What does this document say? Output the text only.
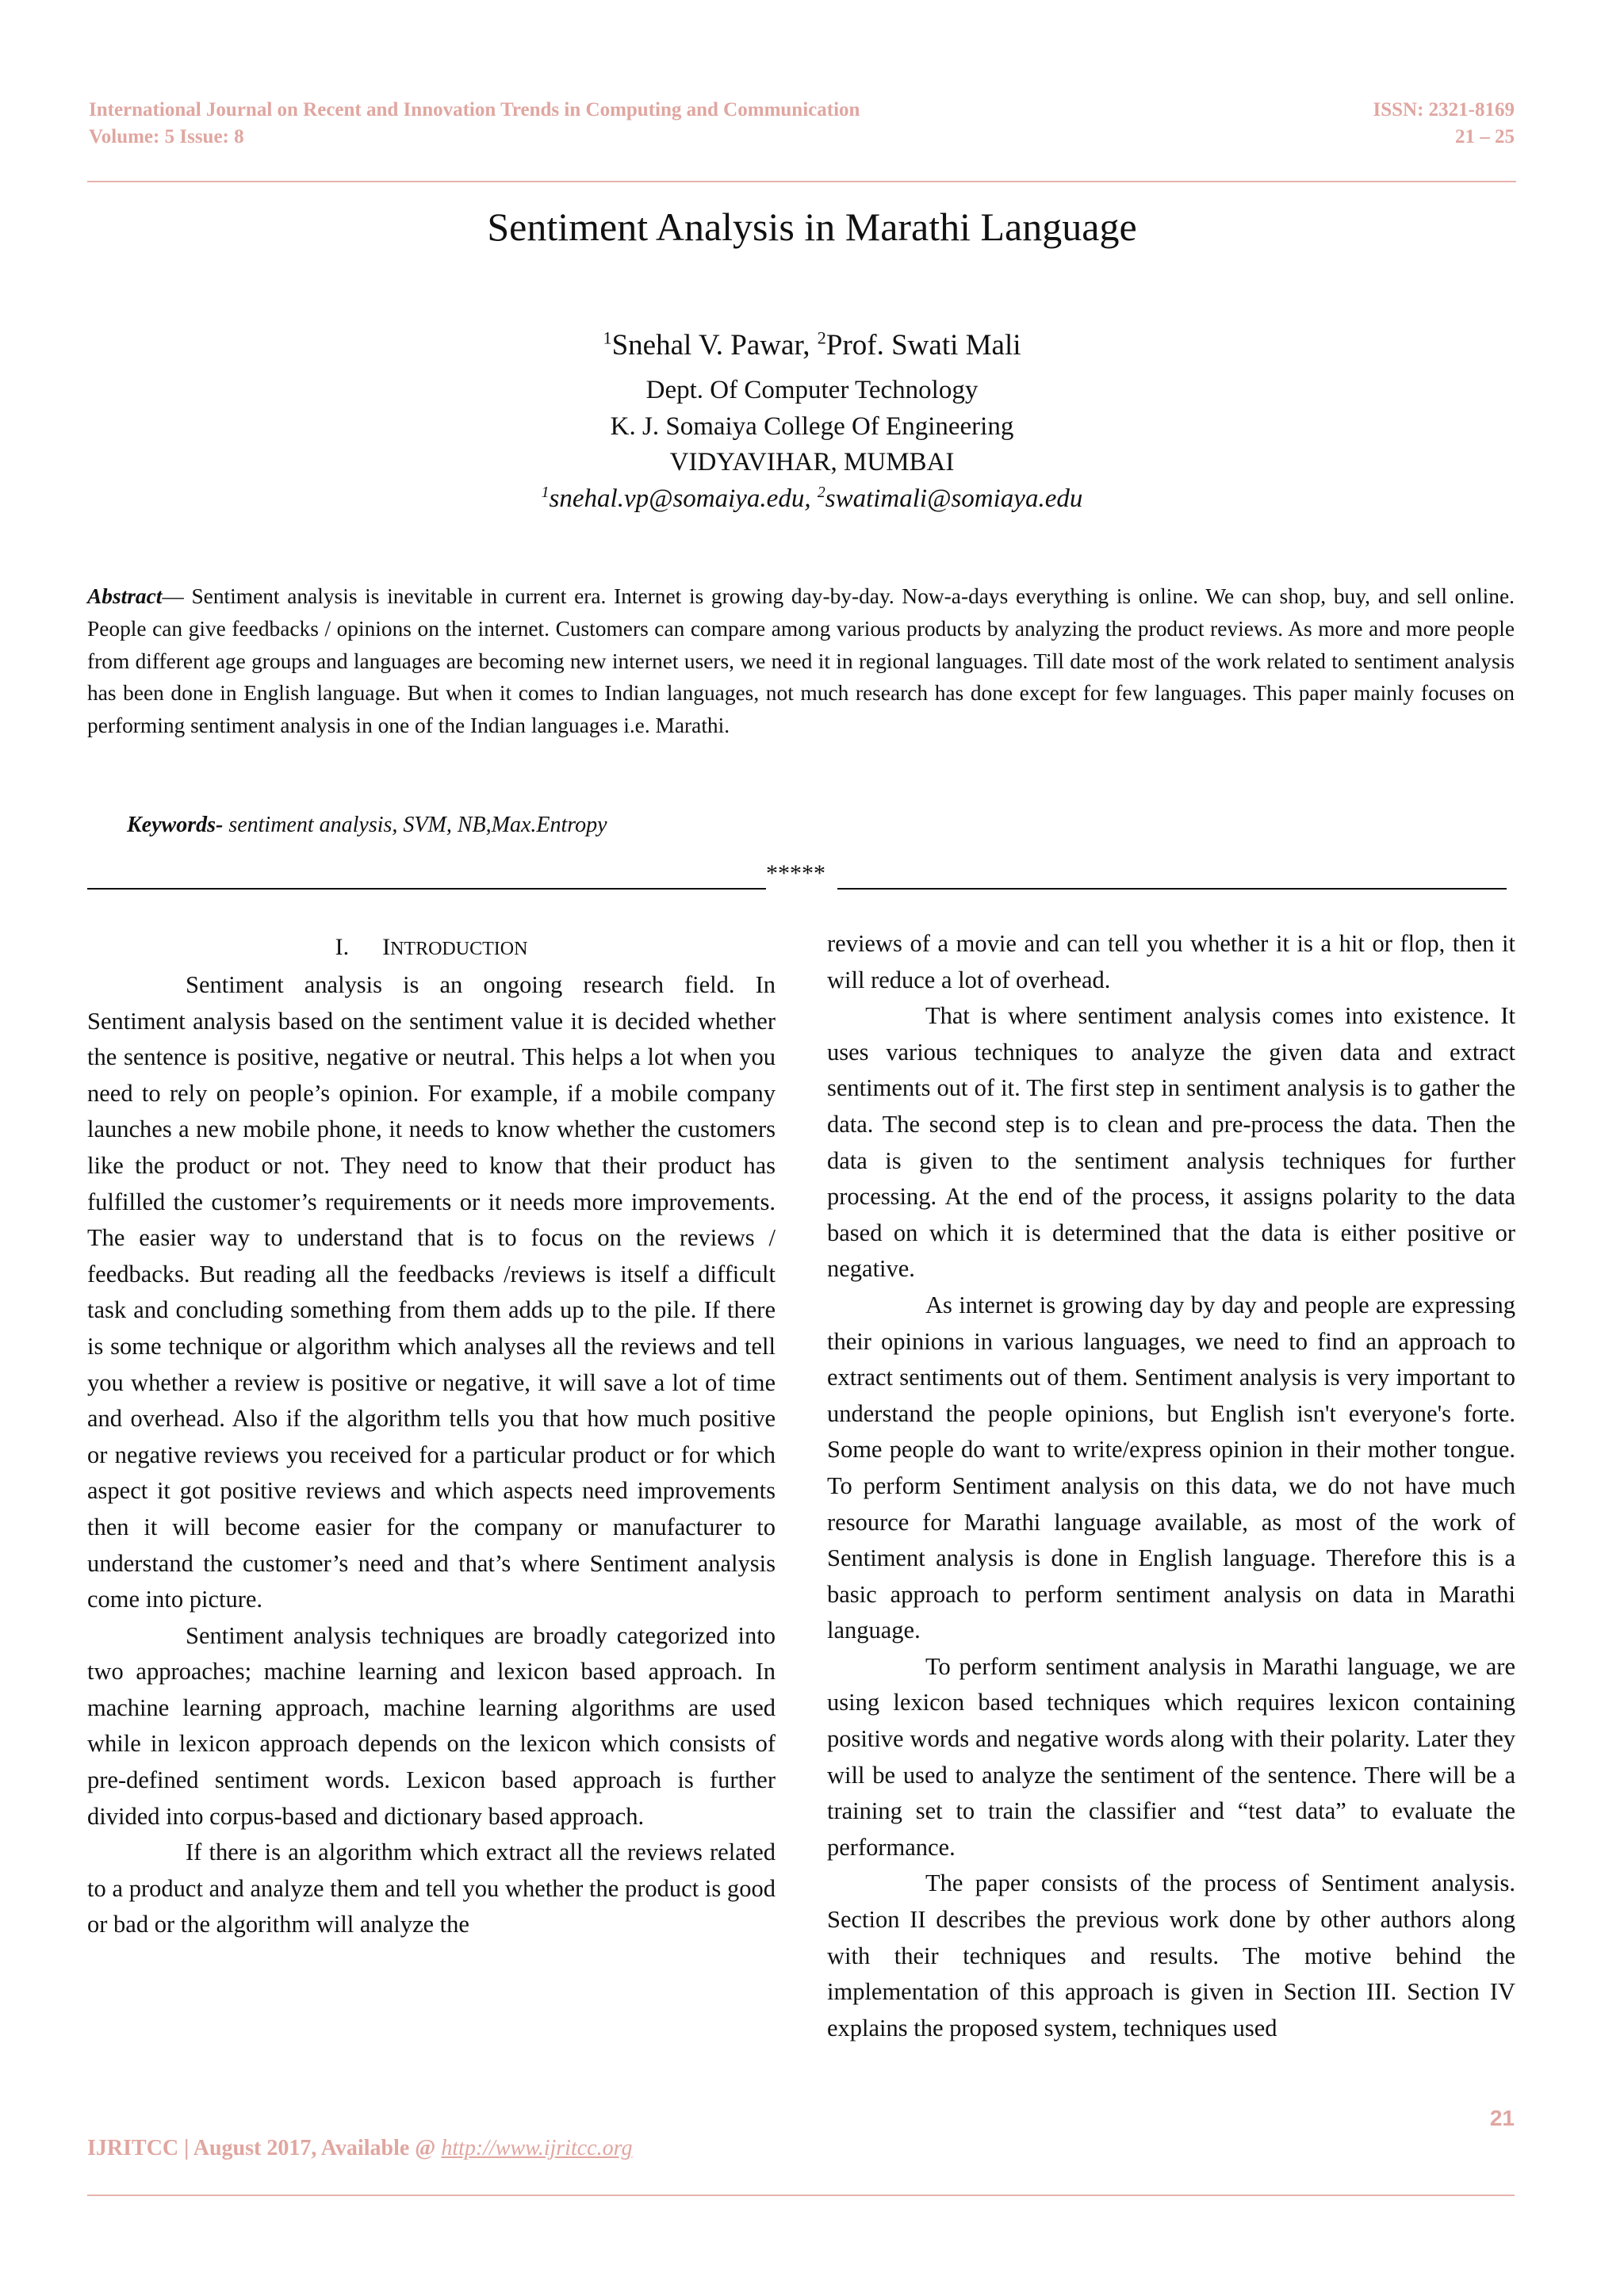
International Journal on Recent and Innovation Trends in Computing and Communication
Volume: 5 Issue: 8
ISSN: 2321-8169
21 – 25
Sentiment Analysis in Marathi Language
$^1$Snehal V. Pawar, $^2$Prof. Swati Mali
Dept. Of Computer Technology
K. J. Somaiya College Of Engineering
VIDYAVIHAR, MUMBAI
$^1$snehal.vp@somaiya.edu, $^2$swatimali@somiaya.edu
Abstract— Sentiment analysis is inevitable in current era. Internet is growing day-by-day. Now-a-days everything is online. We can shop, buy, and sell online. People can give feedbacks / opinions on the internet. Customers can compare among various products by analyzing the product reviews. As more and more people from different age groups and languages are becoming new internet users, we need it in regional languages. Till date most of the work related to sentiment analysis has been done in English language. But when it comes to Indian languages, not much research has done except for few languages. This paper mainly focuses on performing sentiment analysis in one of the Indian languages i.e. Marathi.
Keywords- sentiment analysis, SVM, NB,Max.Entropy
*****

I. INTRODUCTION

Sentiment analysis is an ongoing research field. In Sentiment analysis based on the sentiment value it is decided whether the sentence is positive, negative or neutral. This helps a lot when you need to rely on people’s opinion. For example, if a mobile company launches a new mobile phone, it needs to know whether the customers like the product or not. They need to know that their product has fulfilled the customer’s requirements or it needs more improvements. The easier way to understand that is to focus on the reviews / feedbacks. But reading all the feedbacks /reviews is itself a difficult task and concluding something from them adds up to the pile. If there is some technique or algorithm which analyses all the reviews and tell you whether a review is positive or negative, it will save a lot of time and overhead. Also if the algorithm tells you that how much positive or negative reviews you received for a particular product or for which aspect it got positive reviews and which aspects need improvements then it will become easier for the company or manufacturer to understand the customer’s need and that’s where Sentiment analysis come into picture.

Sentiment analysis techniques are broadly categorized into two approaches; machine learning and lexicon based approach. In machine learning approach, machine learning algorithms are used while in lexicon approach depends on the lexicon which consists of pre-defined sentiment words. Lexicon based approach is further divided into corpus-based and dictionary based approach.

If there is an algorithm which extract all the reviews related to a product and analyze them and tell you whether the product is good or bad or the algorithm will analyze the

reviews of a movie and can tell you whether it is a hit or flop, then it will reduce a lot of overhead.

That is where sentiment analysis comes into existence. It uses various techniques to analyze the given data and extract sentiments out of it. The first step in sentiment analysis is to gather the data. The second step is to clean and pre-process the data. Then the data is given to the sentiment analysis techniques for further processing. At the end of the process, it assigns polarity to the data based on which it is determined that the data is either positive or negative.

As internet is growing day by day and people are expressing their opinions in various languages, we need to find an approach to extract sentiments out of them. Sentiment analysis is very important to understand the people opinions, but English isn't everyone's forte. Some people do want to write/express opinion in their mother tongue. To perform Sentiment analysis on this data, we do not have much resource for Marathi language available, as most of the work of Sentiment analysis is done in English language. Therefore this is a basic approach to perform sentiment analysis on data in Marathi language.

To perform sentiment analysis in Marathi language, we are using lexicon based techniques which requires lexicon containing positive words and negative words along with their polarity. Later they will be used to analyze the sentiment of the sentence. There will be a training set to train the classifier and “test data” to evaluate the performance.

The paper consists of the process of Sentiment analysis. Section II describes the previous work done by other authors along with their techniques and results. The motive behind the implementation of this approach is given in Section III. Section IV explains the proposed system, techniques used

21
IJRITCC | August 2017, Available @ http://www.ijritcc.org
